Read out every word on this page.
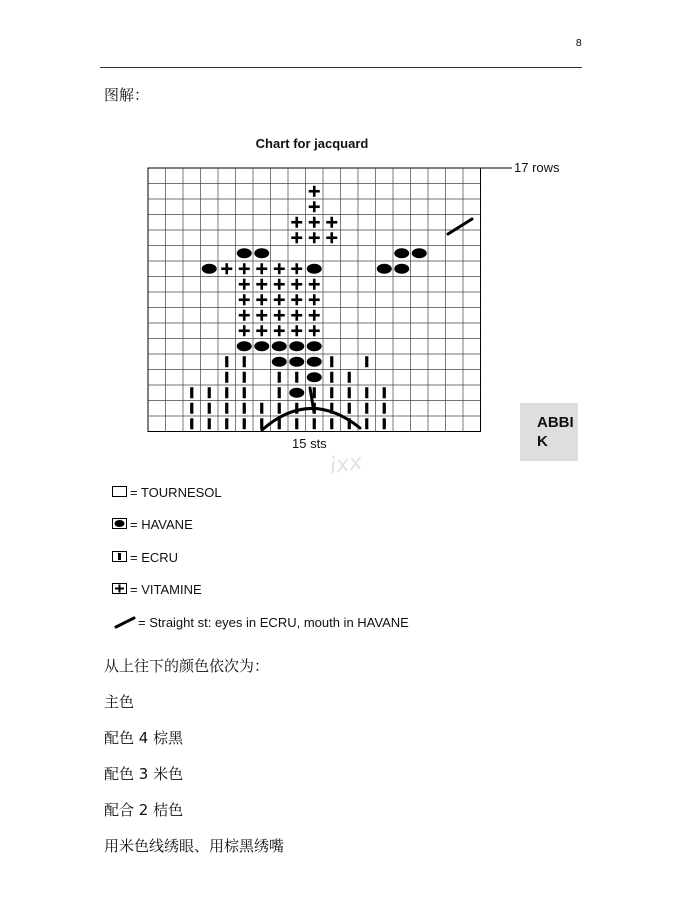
8
图解：
Chart for jacquard
17 rows
15 sts
ABBIK
ixx
= TOURNESOL
= HAVANE
= ECRU
= VITAMINE
= Straight st: eyes in ECRU, mouth in HAVANE
从上往下的颜色依次为：
主色
配色 4 棕黑
配色 3 米色
配合 2 桔色
用米色线绣眼、用棕黑绣嘴
